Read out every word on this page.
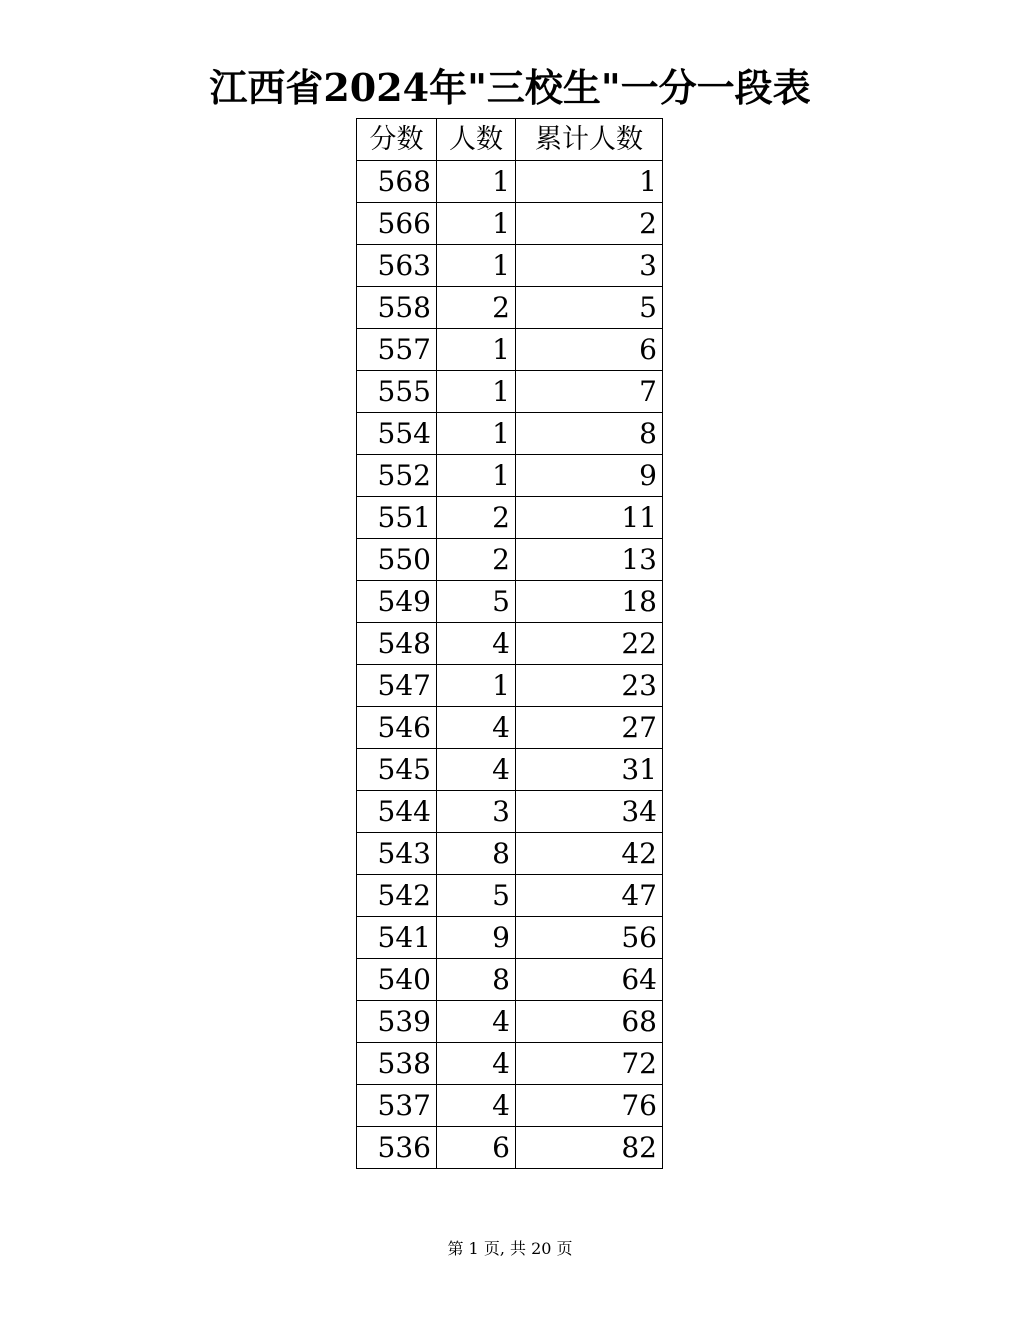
江西省2024年"三校生"一分一段表
分数	人数	累计人数
568	1	1
566	1	2
563	1	3
558	2	5
557	1	6
555	1	7
554	1	8
552	1	9
551	2	11
550	2	13
549	5	18
548	4	22
547	1	23
546	4	27
545	4	31
544	3	34
543	8	42
542	5	47
541	9	56
540	8	64
539	4	68
538	4	72
537	4	76
536	6	82
第 1 页, 共 20 页
